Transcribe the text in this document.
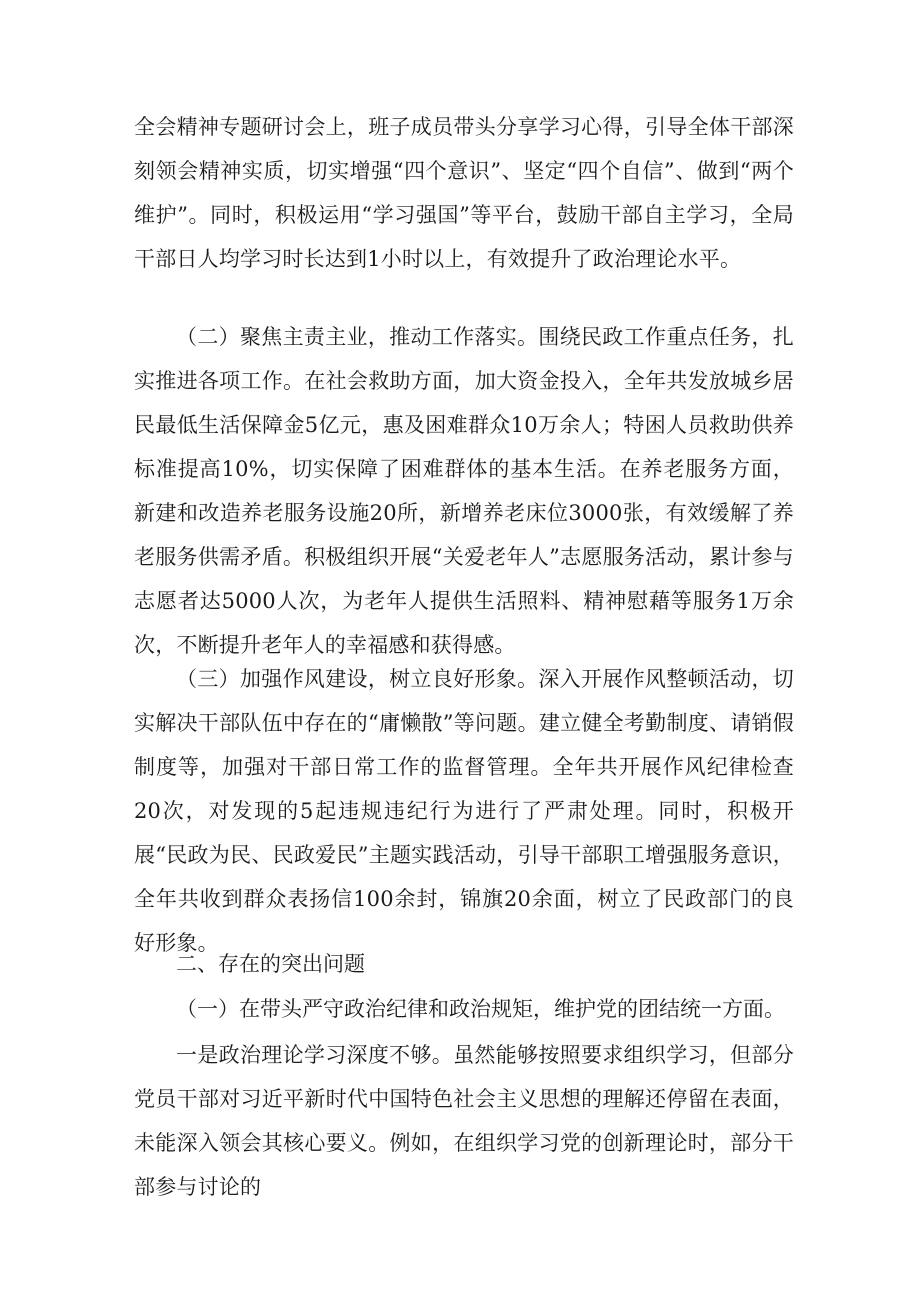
全会精神专题研讨会上，班子成员带头分享学习心得，引导全体干部深刻领会精神实质，切实增强“四个意识”、坚定“四个自信”、做到“两个维护”。同时，积极运用“学习强国”等平台，鼓励干部自主学习，全局干部日人均学习时长达到1小时以上，有效提升了政治理论水平。

（二）聚焦主责主业，推动工作落实。围绕民政工作重点任务，扎实推进各项工作。在社会救助方面，加大资金投入，全年共发放城乡居民最低生活保障金5亿元，惠及困难群众10万余人；特困人员救助供养标准提高10%，切实保障了困难群体的基本生活。在养老服务方面，新建和改造养老服务设施20所，新增养老床位3000张，有效缓解了养老服务供需矛盾。积极组织开展“关爱老年人”志愿服务活动，累计参与志愿者达5000人次，为老年人提供生活照料、精神慰藉等服务1万余次，不断提升老年人的幸福感和获得感。

（三）加强作风建设，树立良好形象。深入开展作风整顿活动，切实解决干部队伍中存在的“庸懒散”等问题。建立健全考勤制度、请销假制度等，加强对干部日常工作的监督管理。全年共开展作风纪律检查20次，对发现的5起违规违纪行为进行了严肃处理。同时，积极开展“民政为民、民政爱民”主题实践活动，引导干部职工增强服务意识，全年共收到群众表扬信100余封，锦旗20余面，树立了民政部门的良好形象。

二、存在的突出问题

（一）在带头严守政治纪律和政治规矩，维护党的团结统一方面。

一是政治理论学习深度不够。虽然能够按照要求组织学习，但部分党员干部对习近平新时代中国特色社会主义思想的理解还停留在表面，未能深入领会其核心要义。例如，在组织学习党的创新理论时，部分干部参与讨论的
